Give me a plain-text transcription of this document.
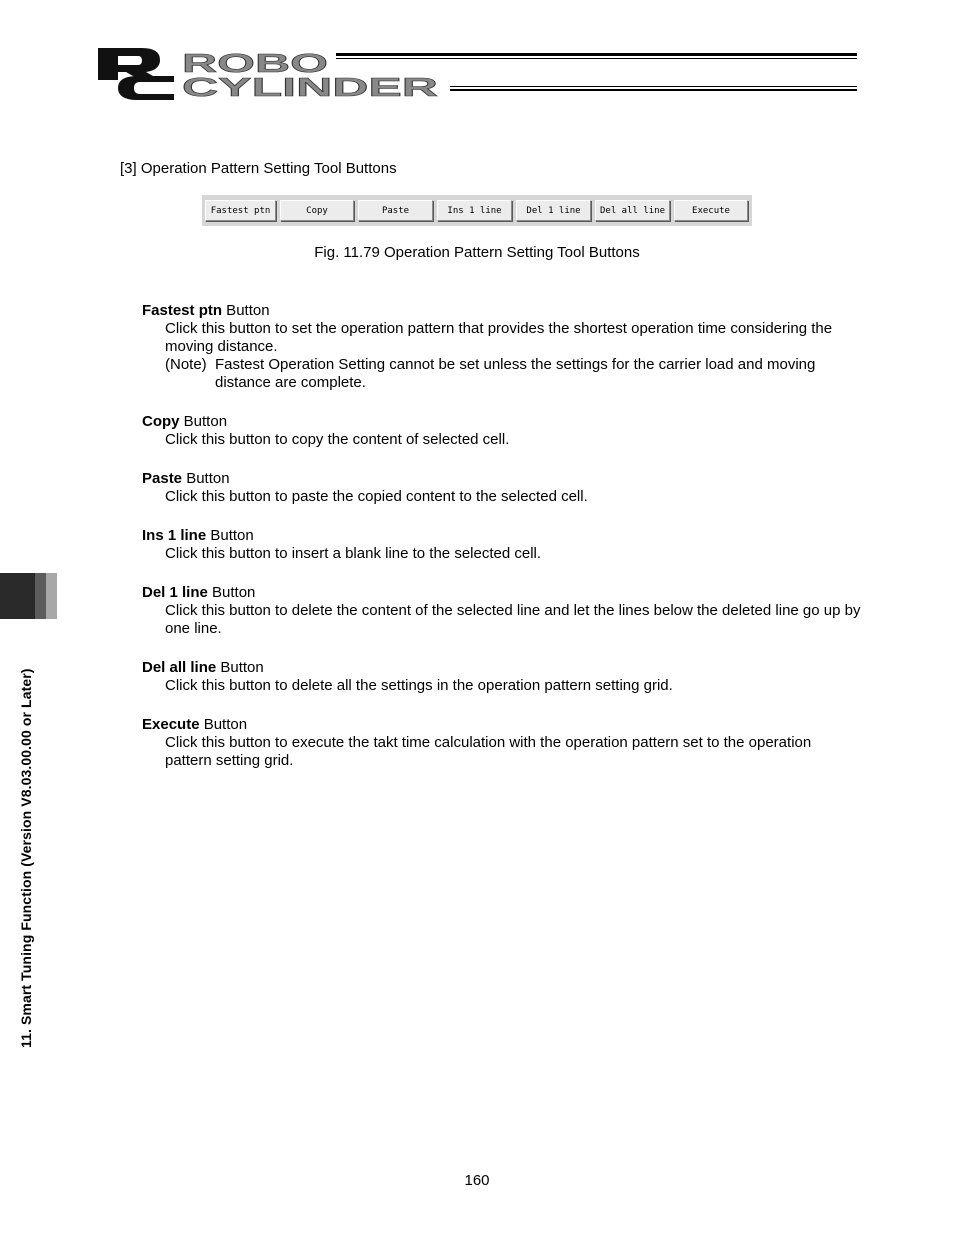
ROBO
CYLINDER
[3] Operation Pattern Setting Tool Buttons
Fastest ptn	Copy	Paste	Ins 1 line	Del 1 line	Del all line	Execute
Fig. 11.79 Operation Pattern Setting Tool Buttons
Fastest ptn Button
Click this button to set the operation pattern that provides the shortest operation time considering the moving distance.
(Note) Fastest Operation Setting cannot be set unless the settings for the carrier load and moving distance are complete.
Copy Button
Click this button to copy the content of selected cell.
Paste Button
Click this button to paste the copied content to the selected cell.
Ins 1 line Button
Click this button to insert a blank line to the selected cell.
Del 1 line Button
Click this button to delete the content of the selected line and let the lines below the deleted line go up by one line.
Del all line Button
Click this button to delete all the settings in the operation pattern setting grid.
Execute Button
Click this button to execute the takt time calculation with the operation pattern set to the operation pattern setting grid.
11. Smart Tuning Function (Version V8.03.00.00 or Later)
160
